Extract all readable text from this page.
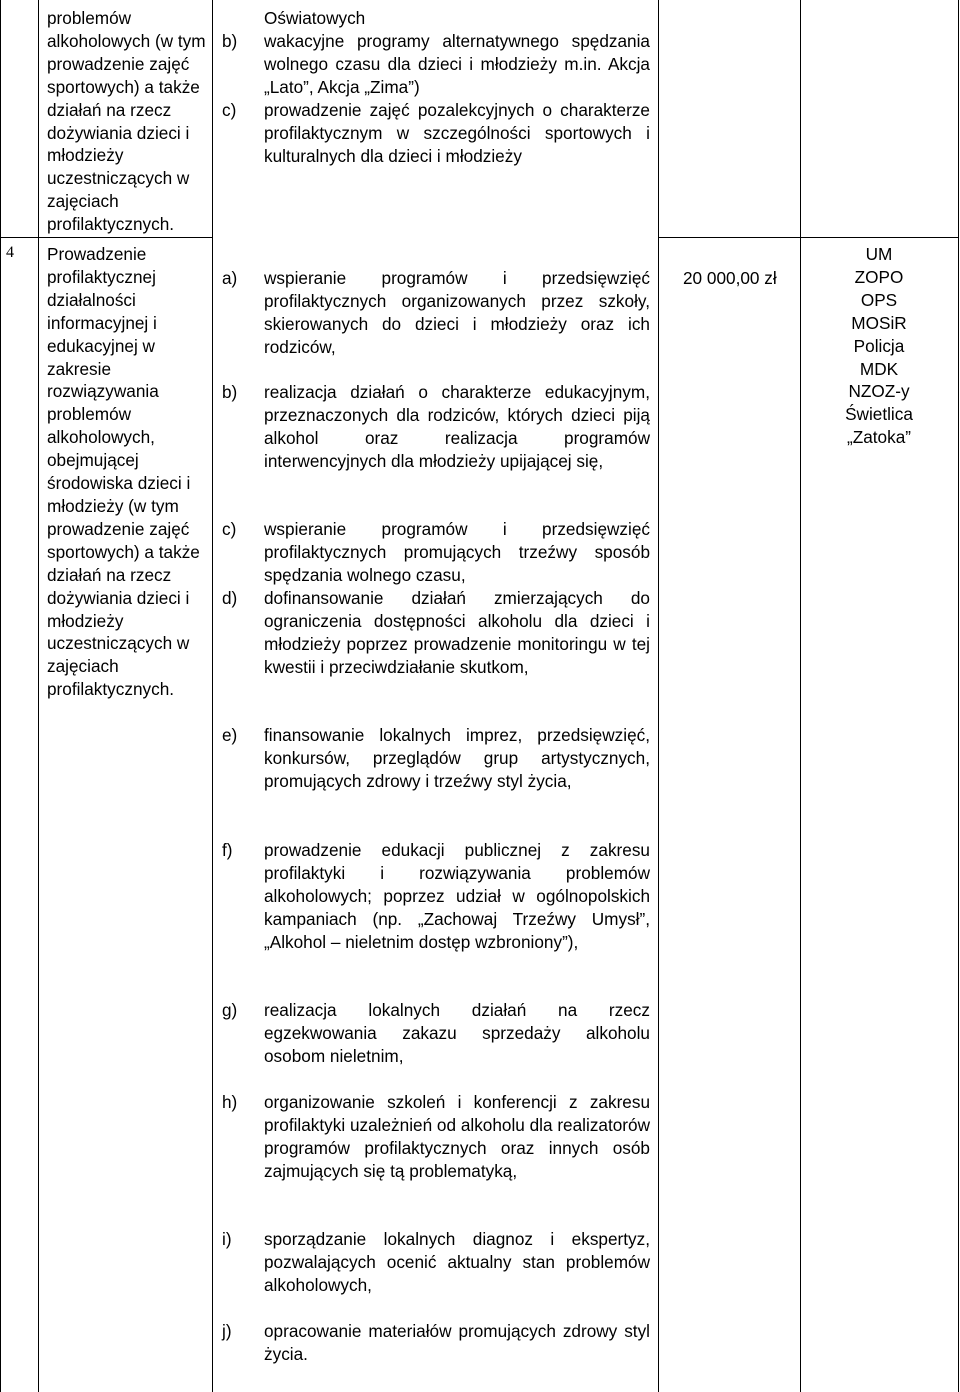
problemów alkoholowych (w tym prowadzenie zajęć sportowych) a także działań na rzecz dożywiania dzieci i młodzieży uczestniczących w zajęciach profilaktycznych.
Oświatowych
b) wakacyjne programy alternatywnego spędzania wolnego czasu dla dzieci i młodzieży m.in. Akcja „Lato”, Akcja „Zima”)
c) prowadzenie zajęć pozalekcyjnych o charakterze profilaktycznym w szczególności sportowych i kulturalnych dla dzieci i młodzieży
4 Prowadzenie profilaktycznej działalności informacyjnej i edukacyjnej w zakresie rozwiązywania problemów alkoholowych, obejmującej środowiska dzieci i młodzieży (w tym prowadzenie zajęć sportowych) a także działań na rzecz dożywiania dzieci i młodzieży uczestniczących w zajęciach profilaktycznych.
a) wspieranie programów i przedsięwzięć profilaktycznych organizowanych przez szkoły, skierowanych do dzieci i młodzieży oraz ich rodziców,
b) realizacja działań o charakterze edukacyjnym, przeznaczonych dla rodziców, których dzieci piją alkohol oraz realizacja programów interwencyjnych dla młodzieży upijającej się,
c) wspieranie programów i przedsięwzięć profilaktycznych promujących trzeźwy sposób spędzania wolnego czasu,
d) dofinansowanie działań zmierzających do ograniczenia dostępności alkoholu dla dzieci i młodzieży poprzez prowadzenie monitoringu w tej kwestii i przeciwdziałanie skutkom,
e) finansowanie lokalnych imprez, przedsięwzięć, konkursów, przeglądów grup artystycznych, promujących zdrowy i trzeźwy styl życia,
f) prowadzenie edukacji publicznej z zakresu profilaktyki i rozwiązywania problemów alkoholowych; poprzez udział w ogólnopolskich kampaniach (np. „Zachowaj Trzeźwy Umysł”, „Alkohol – nieletnim dostęp wzbroniony”),
g) realizacja lokalnych działań na rzecz egzekwowania zakazu sprzedaży alkoholu osobom nieletnim,
h) organizowanie szkoleń i konferencji z zakresu profilaktyki uzależnień od alkoholu dla realizatorów programów profilaktycznych oraz innych osób zajmujących się tą problematyką,
i) sporządzanie lokalnych diagnoz i ekspertyz, pozwalających ocenić aktualny stan problemów alkoholowych,
j) opracowanie materiałów promujących zdrowy styl życia.
20 000,00 zł
UM
ZOPO
OPS
MOSiR
Policja
MDK
NZOZ-y
Świetlica
„Zatoka”
